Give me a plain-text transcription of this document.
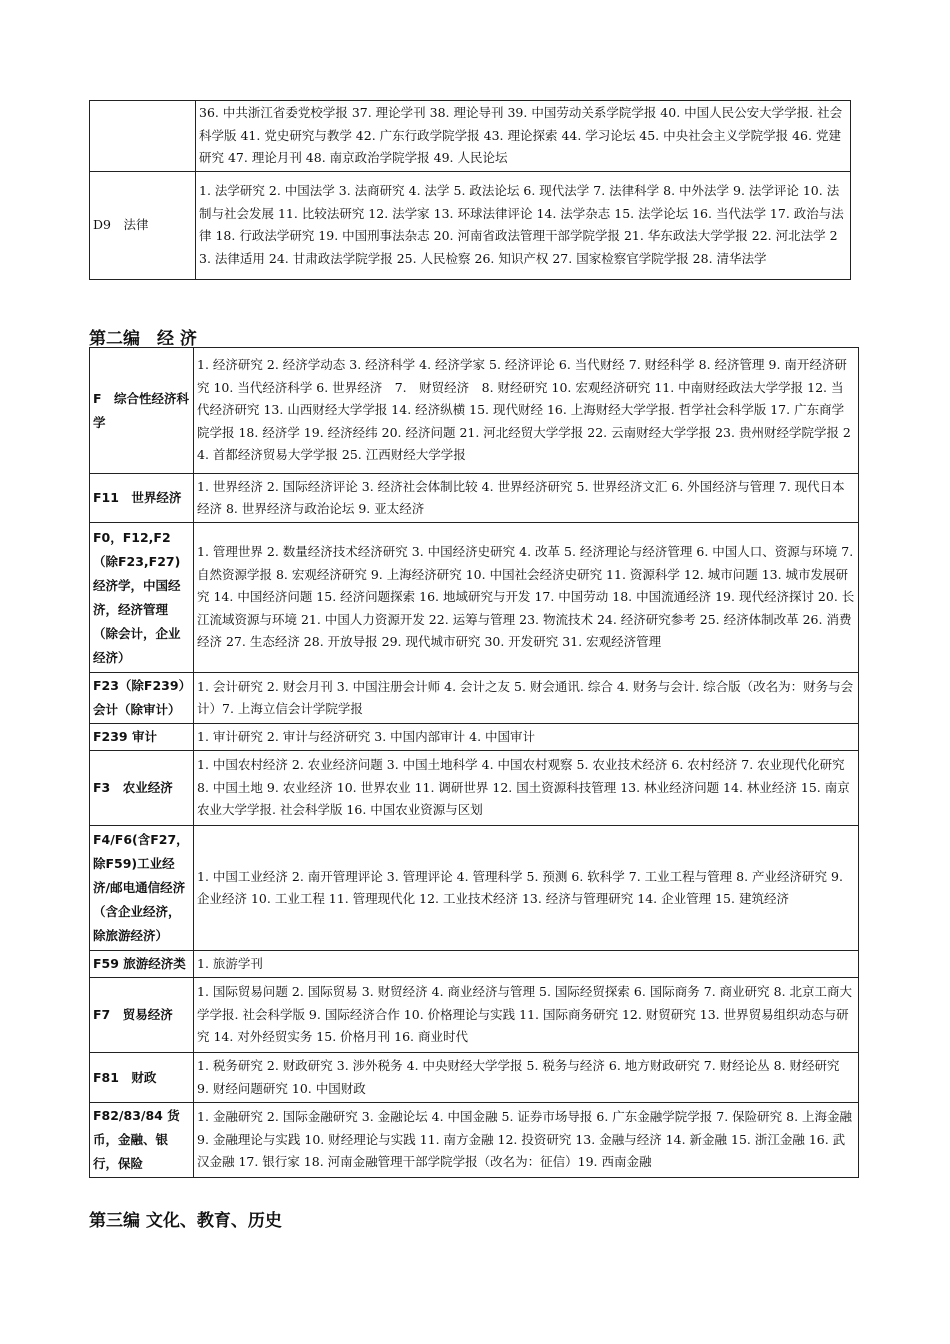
	36. 中共浙江省委党校学报 37. 理论学刊 38. 理论导刊 39. 中国劳动关系学院学报 40. 中国人民公安大学学报. 社会科学版 41. 党史研究与教学 42. 广东行政学院学报 43. 理论探索 44. 学习论坛 45. 中央社会主义学院学报 46. 党建研究 47. 理论月刊 48. 南京政治学院学报 49. 人民论坛
D9　法律	1. 法学研究 2. 中国法学 3. 法商研究 4. 法学 5. 政法论坛 6. 现代法学 7. 法律科学 8. 中外法学 9. 法学评论 10. 法制与社会发展 11. 比较法研究 12. 法学家 13. 环球法律评论 14. 法学杂志 15. 法学论坛 16. 当代法学 17. 政治与法律 18. 行政法学研究 19. 中国刑事法杂志 20. 河南省政法管理干部学院学报 21. 华东政法大学学报 22. 河北法学 23. 法律适用 24. 甘肃政法学院学报 25. 人民检察 26. 知识产权 27. 国家检察官学院学报 28. 清华法学
第二编　经 济
F　综合性经济科学	1. 经济研究 2. 经济学动态 3. 经济科学 4. 经济学家 5. 经济评论 6. 当代财经 7. 财经科学 8. 经济管理 9. 南开经济研究 10. 当代经济科学 6. 世界经济　7.　财贸经济　8. 财经研究 10. 宏观经济研究 11. 中南财经政法大学学报 12. 当代经济研究 13. 山西财经大学学报 14. 经济纵横 15. 现代财经 16. 上海财经大学学报. 哲学社会科学版 17. 广东商学院学报 18. 经济学 19. 经济经纬 20. 经济问题 21. 河北经贸大学学报 22. 云南财经大学学报 23. 贵州财经学院学报 24. 首都经济贸易大学学报 25. 江西财经大学学报
F11　世界经济	1. 世界经济 2. 国际经济评论 3. 经济社会体制比较 4. 世界经济研究 5. 世界经济文汇 6. 外国经济与管理 7. 现代日本经济 8. 世界经济与政治论坛 9. 亚太经济
F0，F12,F2（除F23,F27)经济学，中国经济，经济管理（除会计，企业经济）	1. 管理世界 2. 数量经济技术经济研究 3. 中国经济史研究 4. 改革 5. 经济理论与经济管理 6. 中国人口、资源与环境 7. 自然资源学报 8. 宏观经济研究 9. 上海经济研究 10. 中国社会经济史研究 11. 资源科学 12. 城市问题 13. 城市发展研究 14. 中国经济问题 15. 经济问题探索 16. 地域研究与开发 17. 中国劳动 18. 中国流通经济 19. 现代经济探讨 20. 长江流域资源与环境 21. 中国人力资源开发 22. 运筹与管理 23. 物流技术 24. 经济研究参考 25. 经济体制改革 26. 消费经济 27. 生态经济 28. 开放导报 29. 现代城市研究 30. 开发研究 31. 宏观经济管理
F23（除F239）会计（除审计）	1. 会计研究 2. 财会月刊 3. 中国注册会计师 4. 会计之友 5. 财会通讯. 综合 4. 财务与会计. 综合版（改名为：财务与会计）7. 上海立信会计学院学报
F239 审计	1. 审计研究 2. 审计与经济研究 3. 中国内部审计 4. 中国审计
F3　农业经济	1. 中国农村经济 2. 农业经济问题 3. 中国土地科学 4. 中国农村观察 5. 农业技术经济 6. 农村经济 7. 农业现代化研究 8. 中国土地 9. 农业经济 10. 世界农业 11. 调研世界 12. 国土资源科技管理 13. 林业经济问题 14. 林业经济 15. 南京农业大学学报. 社会科学版 16. 中国农业资源与区划
F4/F6(含F27，除F59)工业经济/邮电通信经济（含企业经济，除旅游经济）	1. 中国工业经济 2. 南开管理评论 3. 管理评论 4. 管理科学 5. 预测 6. 软科学 7. 工业工程与管理 8. 产业经济研究 9. 企业经济 10. 工业工程 11. 管理现代化 12. 工业技术经济 13. 经济与管理研究 14. 企业管理 15. 建筑经济
F59 旅游经济类	1. 旅游学刊
F7　贸易经济	1. 国际贸易问题 2. 国际贸易 3. 财贸经济 4. 商业经济与管理 5. 国际经贸探索 6. 国际商务 7. 商业研究 8. 北京工商大学学报. 社会科学版 9. 国际经济合作 10. 价格理论与实践 11. 国际商务研究 12. 财贸研究 13. 世界贸易组织动态与研究 14. 对外经贸实务 15. 价格月刊 16. 商业时代
F81　财政	1. 税务研究 2. 财政研究 3. 涉外税务 4. 中央财经大学学报 5. 税务与经济 6. 地方财政研究 7. 财经论丛 8. 财经研究 9. 财经问题研究 10. 中国财政
F82/83/84 货币，金融、银行，保险	1. 金融研究 2. 国际金融研究 3. 金融论坛 4. 中国金融 5. 证券市场导报 6. 广东金融学院学报 7. 保险研究 8. 上海金融 9. 金融理论与实践 10. 财经理论与实践 11. 南方金融 12. 投资研究 13. 金融与经济 14. 新金融 15. 浙江金融 16. 武汉金融 17. 银行家 18. 河南金融管理干部学院学报（改名为：征信）19. 西南金融
第三编 文化、教育、历史
